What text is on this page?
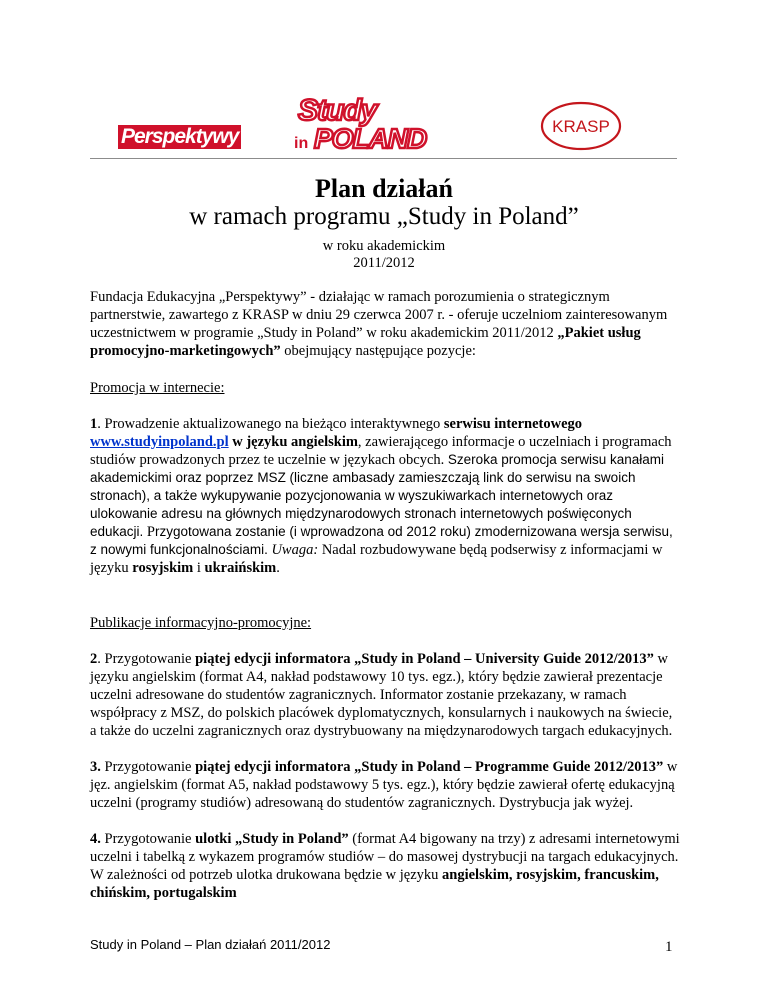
Perspektywy
Study
in POLAND	KRASP
Plan działań
w ramach programu „Study in Poland”
w roku akademickim
2011/2012

Fundacja Edukacyjna „Perspektywy” - działając w ramach porozumienia o strategicznym partnerstwie, zawartego z KRASP w dniu 29 czerwca 2007 r. - oferuje uczelniom zainteresowanym uczestnictwem w programie „Study in Poland” w roku akademickim 2011/2012 „Pakiet usług promocyjno-marketingowych” obejmujący następujące pozycje:

Promocja w internecie:

1. Prowadzenie aktualizowanego na bieżąco interaktywnego serwisu internetowego www.studyinpoland.pl w języku angielskim, zawierającego informacje o uczelniach i programach studiów prowadzonych przez te uczelnie w językach obcych. Szeroka promocja serwisu kanałami akademickimi oraz poprzez MSZ (liczne ambasady zamieszczają link do serwisu na swoich stronach), a także wykupywanie pozycjonowania w wyszukiwarkach internetowych oraz ulokowanie adresu na głównych międzynarodowych stronach internetowych poświęconych edukacji. Przygotowana zostanie (i wprowadzona od 2012 roku) zmodernizowana wersja serwisu, z nowymi funkcjonalnościami. Uwaga: Nadal rozbudowywane będą podserwisy z informacjami w języku rosyjskim i ukraińskim.

Publikacje informacyjno-promocyjne:

2. Przygotowanie piątej edycji informatora „Study in Poland – University Guide 2012/2013” w języku angielskim (format A4, nakład podstawowy 10 tys. egz.), który będzie zawierał prezentacje uczelni adresowane do studentów zagranicznych. Informator zostanie przekazany, w ramach współpracy z MSZ, do polskich placówek dyplomatycznych, konsularnych i naukowych na świecie, a także do uczelni zagranicznych oraz dystrybuowany na międzynarodowych targach edukacyjnych.

3. Przygotowanie piątej edycji informatora „Study in Poland – Programme Guide 2012/2013” w jęz. angielskim (format A5, nakład podstawowy 5 tys. egz.), który będzie zawierał ofertę edukacyjną uczelni (programy studiów) adresowaną do studentów zagranicznych. Dystrybucja jak wyżej.

4. Przygotowanie ulotki „Study in Poland” (format A4 bigowany na trzy) z adresami internetowymi uczelni i tabelką z wykazem programów studiów – do masowej dystrybucji na targach edukacyjnych. W zależności od potrzeb ulotka drukowana będzie w języku angielskim, rosyjskim, francuskim, chińskim, portugalskim

Study in Poland – Plan działań 2011/2012	1
